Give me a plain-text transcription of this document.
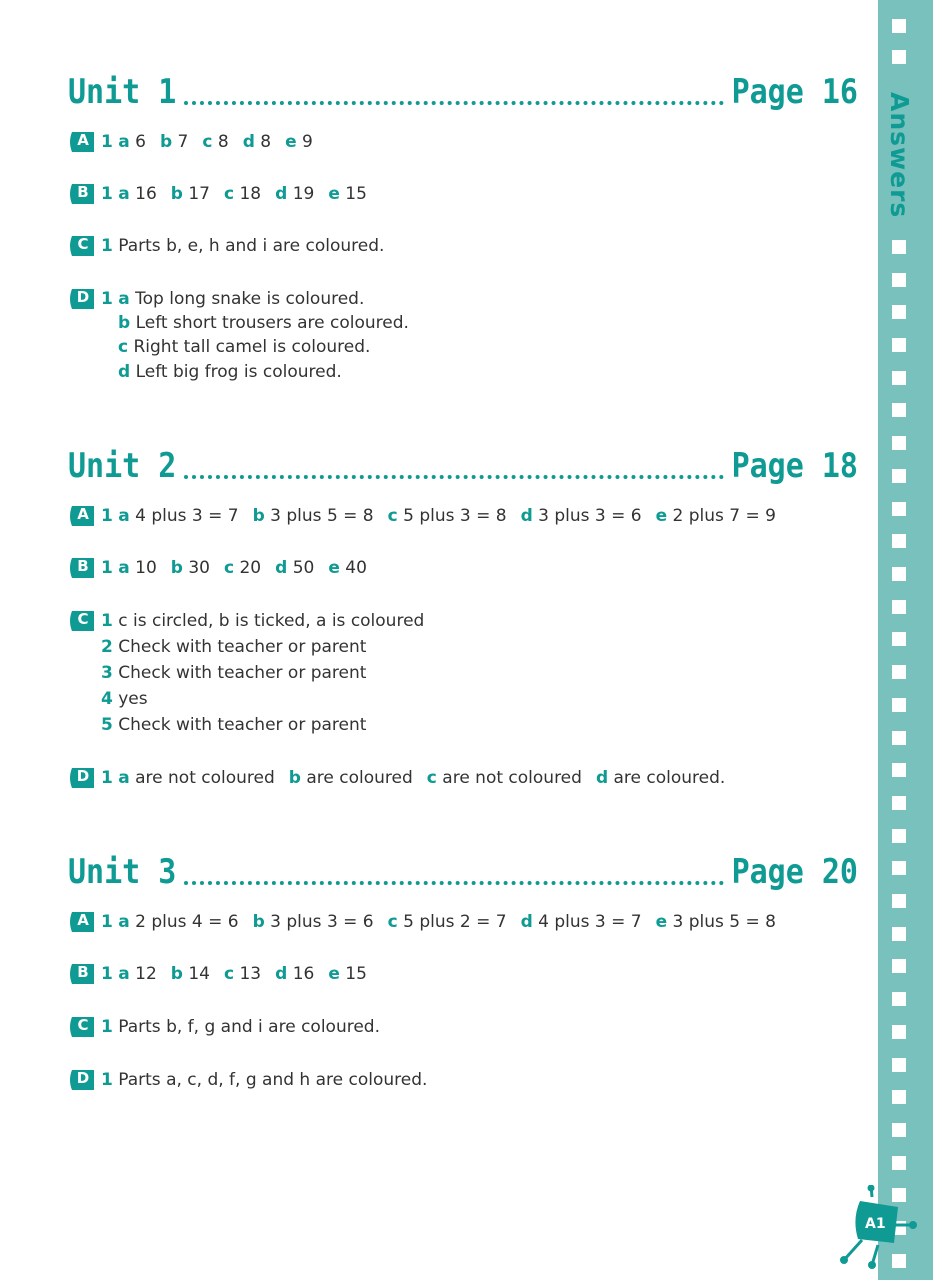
Answers
Unit 1	Page 16
A 1 a 6 b 7 c 8 d 8 e 9
B 1 a 16 b 17 c 18 d 19 e 15
C 1 Parts b, e, h and i are coloured.
D 1 a Top long snake is coloured.
b Left short trousers are coloured.
c Right tall camel is coloured.
d Left big frog is coloured.
Unit 2	Page 18
A 1 a 4 plus 3 = 7 b 3 plus 5 = 8 c 5 plus 3 = 8 d 3 plus 3 = 6 e 2 plus 7 = 9
B 1 a 10 b 30 c 20 d 50 e 40
C 1 c is circled, b is ticked, a is coloured
2 Check with teacher or parent
3 Check with teacher or parent
4 yes
5 Check with teacher or parent
D 1 a are not coloured b are coloured c are not coloured d are coloured.
Unit 3	Page 20
A 1 a 2 plus 4 = 6 b 3 plus 3 = 6 c 5 plus 2 = 7 d 4 plus 3 = 7 e 3 plus 5 = 8
B 1 a 12 b 14 c 13 d 16 e 15
C 1 Parts b, f, g and i are coloured.
D 1 Parts a, c, d, f, g and h are coloured.
A1
